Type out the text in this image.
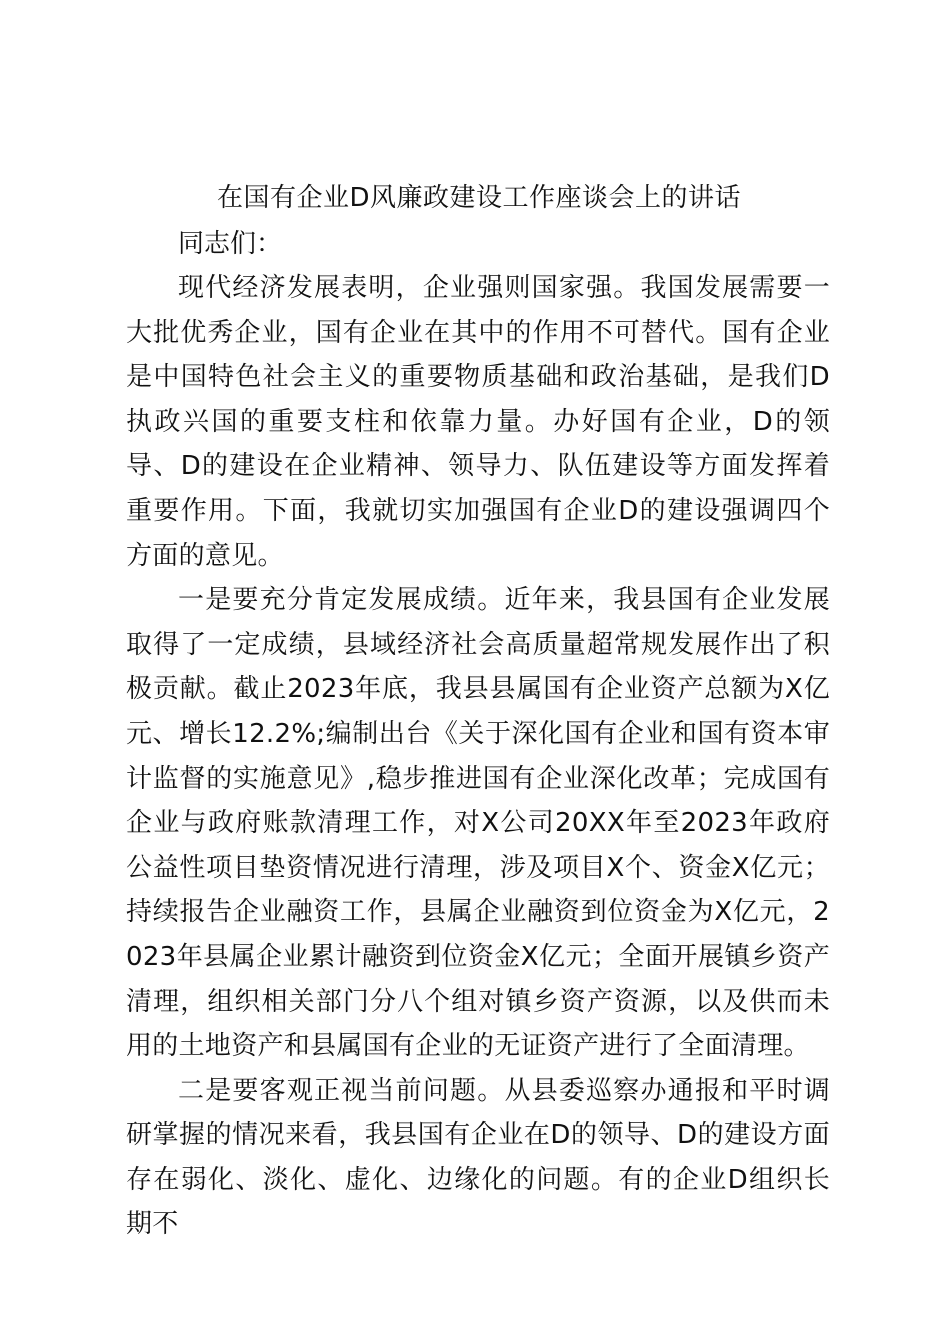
在国有企业D风廉政建设工作座谈会上的讲话

同志们：

现代经济发展表明，企业强则国家强。我国发展需要一大批优秀企业，国有企业在其中的作用不可替代。国有企业是中国特色社会主义的重要物质基础和政治基础，是我们D执政兴国的重要支柱和依靠力量。办好国有企业，D的领导、D的建设在企业精神、领导力、队伍建设等方面发挥着重要作用。下面，我就切实加强国有企业D的建设强调四个方面的意见。

一是要充分肯定发展成绩。近年来，我县国有企业发展取得了一定成绩，县域经济社会高质量超常规发展作出了积极贡献。截止2023年底，我县县属国有企业资产总额为X亿元、增长12.2%;编制出台《关于深化国有企业和国有资本审计监督的实施意见》,稳步推进国有企业深化改革；完成国有企业与政府账款清理工作，对X公司20XX年至2023年政府公益性项目垫资情况进行清理，涉及项目X个、资金X亿元；持续报告企业融资工作，县属企业融资到位资金为X亿元，2023年县属企业累计融资到位资金X亿元；全面开展镇乡资产清理，组织相关部门分八个组对镇乡资产资源，以及供而未用的土地资产和县属国有企业的无证资产进行了全面清理。

二是要客观正视当前问题。从县委巡察办通报和平时调研掌握的情况来看，我县国有企业在D的领导、D的建设方面存在弱化、淡化、虚化、边缘化的问题。有的企业D组织长期不
